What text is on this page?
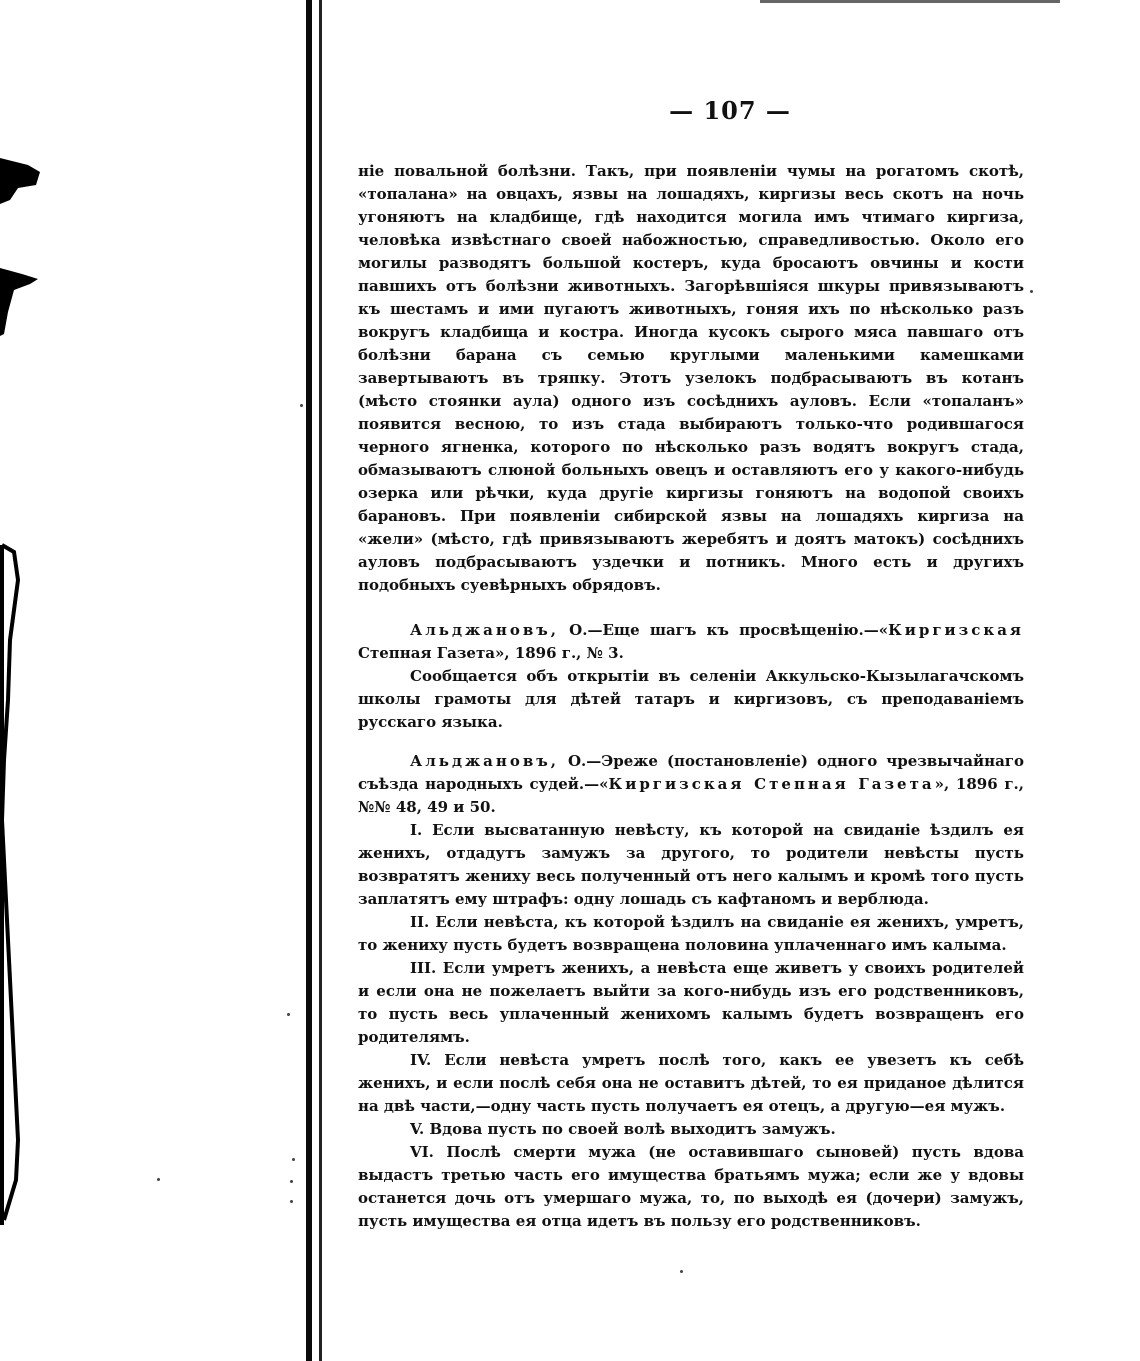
— 107 —

нiе повальной болѣзни. Такъ, при появленiи чумы на рогатомъ скотѣ, «топалана» на овцахъ, язвы на лошадяхъ, киргизы весь скотъ на ночь угоняютъ на кладбище, гдѣ находится могила имъ чтимаго киргиза, человѣка извѣстнаго своей набожностью, справедливостью. Около его могилы разводятъ большой костеръ, куда бросаютъ овчины и кости павшихъ отъ болѣзни животныхъ. Загорѣвшiяся шкуры привязываютъ къ шестамъ и ими пугаютъ животныхъ, гоняя ихъ по нѣсколько разъ вокругъ кладбища и костра. Иногда кусокъ сырого мяса павшаго отъ болѣзни барана съ семью круглыми маленькими камешками завертываютъ въ тряпку. Этотъ узелокъ подбрасываютъ въ котанъ (мѣсто стоянки аула) одного изъ сосѣднихъ ауловъ. Если «топаланъ» появится весною, то изъ стада выбираютъ только-что родившагося черного ягненка, которого по нѣсколько разъ водятъ вокругъ стада, обмазываютъ слюной больныхъ овецъ и оставляютъ его у какого-нибудь озерка или рѣчки, куда другiе киргизы гоняютъ на водопой своихъ барановъ. При появленiи сибирской язвы на лошадяхъ киргиза на «жели» (мѣсто, гдѣ привязываютъ жеребятъ и доятъ матокъ) сосѣднихъ ауловъ подбрасываютъ уздечки и потникъ. Много есть и другихъ подобныхъ суевѣрныхъ обрядовъ.

Альджановъ, О.—Еще шагъ къ просвѣщенiю.—«Киргизская Степная Газета», 1896 г., № 3.

Сообщается объ открытiи въ селенiи Аккульско-Кызылагачскомъ школы грамоты для дѣтей татаръ и киргизовъ, съ преподаванiемъ русскаго языка.

Альджановъ, О.—Эреже (постановленiе) одного чрезвычайнаго съѣзда народныхъ судей.—«Киргизская Степная Газета», 1896 г., №№ 48, 49 и 50.

I. Если высватанную невѣсту, къ которой на свиданiе ѣздилъ ея женихъ, отдадутъ замужъ за другого, то родители невѣсты пусть возвратятъ жениху весь полученный отъ него калымъ и кромѣ того пусть заплатятъ ему штрафъ: одну лошадь съ кафтаномъ и верблюда.

II. Если невѣста, къ которой ѣздилъ на свиданiе ея женихъ, умретъ, то жениху пусть будетъ возвращена половина уплаченнаго имъ калыма.

III. Если умретъ женихъ, а невѣста еще живетъ у своихъ родителей и если она не пожелаетъ выйти за кого-нибудь изъ его родственниковъ, то пусть весь уплаченный женихомъ калымъ будетъ возвращенъ его родителямъ.

IV. Если невѣста умретъ послѣ того, какъ ее увезетъ къ себѣ женихъ, и если послѣ себя она не оставитъ дѣтей, то ея приданое дѣлится на двѣ части,—одну часть пусть получаетъ ея отецъ, а другую—ея мужъ.

V. Вдова пусть по своей волѣ выходитъ замужъ.

VI. Послѣ смерти мужа (не оставившаго сыновей) пусть вдова выдастъ третью часть его имущества братьямъ мужа; если же у вдовы останется дочь отъ умершаго мужа, то, по выходѣ ея (дочери) замужъ, пусть имущества ея отца идетъ въ пользу его родственниковъ.
